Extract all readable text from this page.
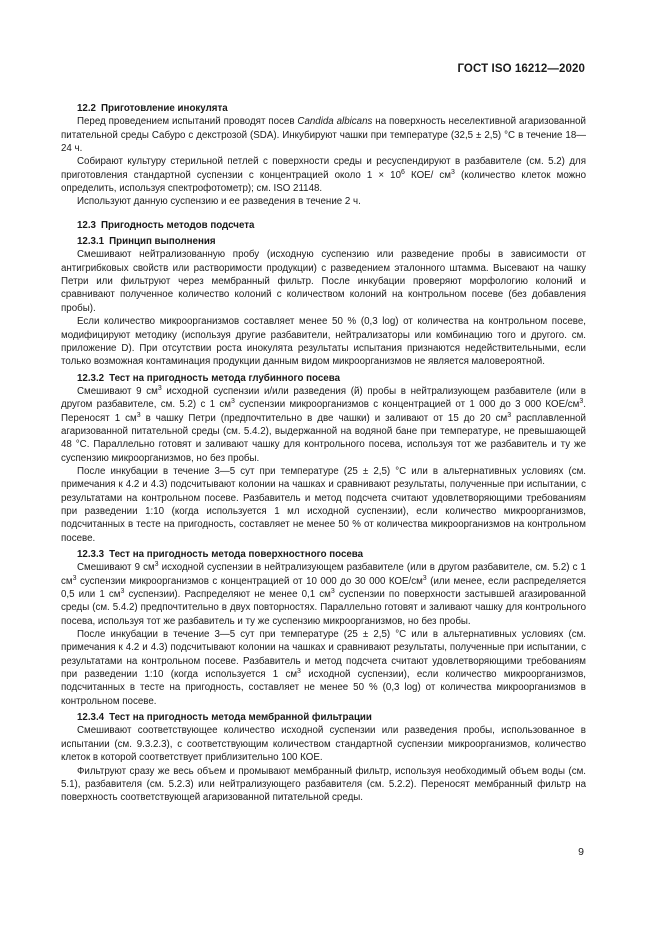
ГОСТ ISO 16212—2020

12.2 Приготовление инокулята

Перед проведением испытаний проводят посев Candida albicans на поверхность неселективной агаризованной питательной среды Сабуро с декстрозой (SDA). Инкубируют чашки при температуре (32,5 ± 2,5) °С в течение 18—24 ч.

Собирают культуру стерильной петлей с поверхности среды и ресуспендируют в разбавителе (см. 5.2) для приготовления стандартной суспензии с концентрацией около $1 \times 10^6$ КОЕ/ $см^3$ (количество клеток можно определить, используя спектрофотометр); см. ISO 21148.

Используют данную суспензию и ее разведения в течение 2 ч.

12.3 Пригодность методов подсчета

12.3.1 Принцип выполнения

Смешивают нейтрализованную пробу (исходную суспензию или разведение пробы в зависимости от антигрибковых свойств или растворимости продукции) с разведением эталонного штамма. Высевают на чашку Петри или фильтруют через мембранный фильтр. После инкубации проверяют морфологию колоний и сравнивают полученное количество колоний с количеством колоний на контрольном посеве (без добавления пробы).

Если количество микроорганизмов составляет менее 50 % (0,3 log) от количества на контрольном посеве, модифицируют методику (используя другие разбавители, нейтрализаторы или комбинацию того и другого. см. приложение D). При отсутствии роста инокулята результаты испытания признаются недействительными, если только возможная контаминация продукции данным видом микроорганизмов не является маловероятной.

12.3.2 Тест на пригодность метода глубинного посева

Смешивают 9 $см^3$ исходной суспензии и/или разведения (й) пробы в нейтрализующем разбавителе (или в другом разбавителе, см. 5.2) с 1 $см^3$ суспензии микроорганизмов с концентрацией от 1 000 до 3 000 КОЕ/$см^3$. Переносят 1 $см^3$ в чашку Петри (предпочтительно в две чашки) и заливают от 15 до 20 $см^3$ расплавленной агаризованной питательной среды (см. 5.4.2), выдержанной на водяной бане при температуре, не превышающей 48 °С. Параллельно готовят и заливают чашку для контрольного посева, используя тот же разбавитель и ту же суспензию микроорганизмов, но без пробы.

После инкубации в течение 3—5 сут при температуре (25 ± 2,5) °С или в альтернативных условиях (см. примечания к 4.2 и 4.3) подсчитывают колонии на чашках и сравнивают результаты, полученные при испытании, с результатами на контрольном посеве. Разбавитель и метод подсчета считают удовлетворяющими требованиям при разведении 1:10 (когда используется 1 мл исходной суспензии), если количество микроорганизмов, подсчитанных в тесте на пригодность, составляет не менее 50 % от количества микроорганизмов на контрольном посеве.

12.3.3 Тест на пригодность метода поверхностного посева

Смешивают 9 $см^3$ исходной суспензии в нейтрализующем разбавителе (или в другом разбавителе, см. 5.2) с 1 $см^3$ суспензии микроорганизмов с концентрацией от 10 000 до 30 000 КОЕ/$см^3$ (или менее, если распределяется 0,5 или 1 $см^3$ суспензии). Распределяют не менее 0,1 $см^3$ суспензии по поверхности застывшей агазированной среды (см. 5.4.2) предпочтительно в двух повторностях. Параллельно готовят и заливают чашку для контрольного посева, используя тот же разбавитель и ту же суспензию микроорганизмов, но без пробы.

После инкубации в течение 3—5 сут при температуре (25 ± 2,5) °С или в альтернативных условиях (см. примечания к 4.2 и 4.3) подсчитывают колонии на чашках и сравнивают результаты, полученные при испытании, с результатами на контрольном посеве. Разбавитель и метод подсчета считают удовлетворяющими требованиям при разведении 1:10 (когда используется 1 $см^3$ исходной суспензии), если количество микроорганизмов, подсчитанных в тесте на пригодность, составляет не менее 50 % (0,3 log) от количества микроорганизмов в контрольном посеве.

12.3.4 Тест на пригодность метода мембранной фильтрации

Смешивают соответствующее количество исходной суспензии или разведения пробы, использованное в испытании (см. 9.3.2.3), с соответствующим количеством стандартной суспензии микроорганизмов, количество клеток в которой соответствует приблизительно 100 КОЕ.

Фильтруют сразу же весь объем и промывают мембранный фильтр, используя необходимый объем воды (см. 5.1), разбавителя (см. 5.2.3) или нейтрализующего разбавителя (см. 5.2.2). Переносят мембранный фильтр на поверхность соответствующей агаризованной питательной среды.

9
